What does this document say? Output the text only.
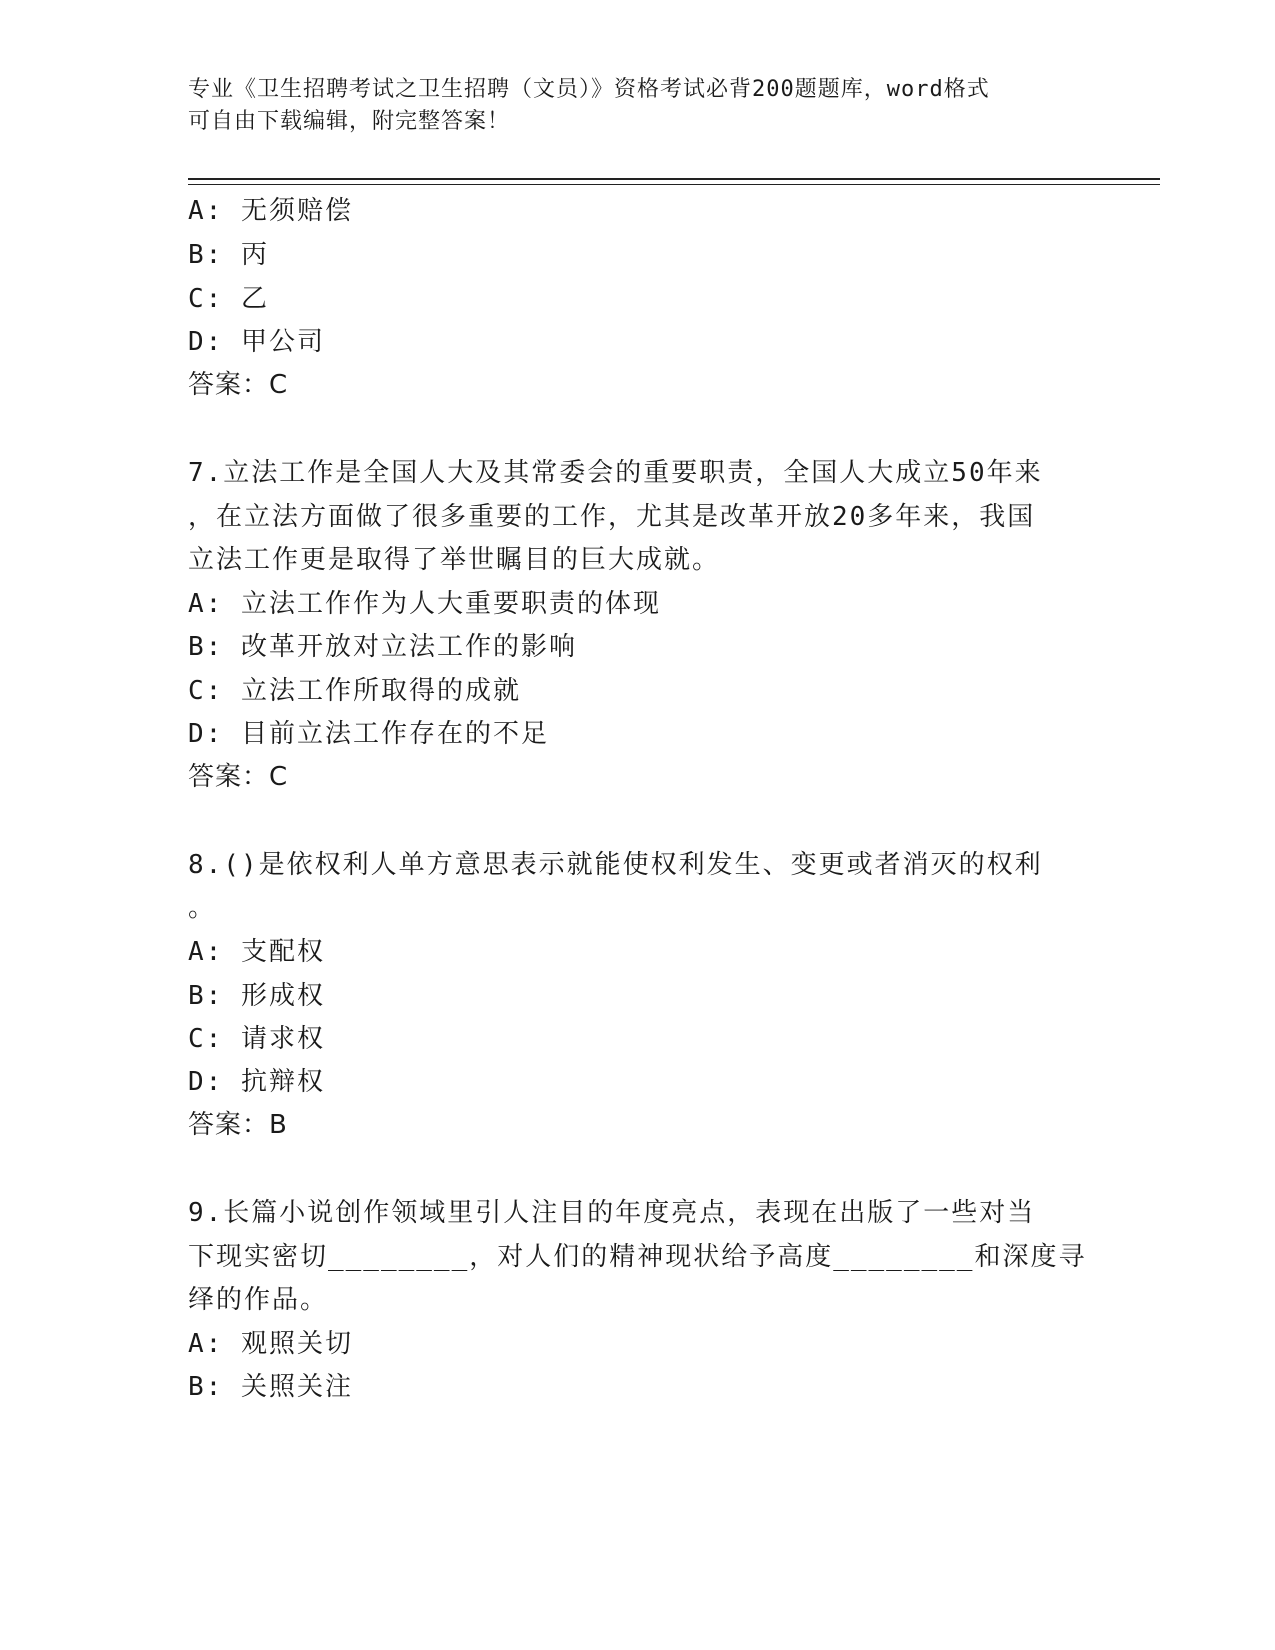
专业《卫生招聘考试之卫生招聘（文员）》资格考试必背200题题库，word格式
可自由下载编辑，附完整答案！
A: 无须赔偿
B: 丙
C: 乙
D: 甲公司
答案：C
7.立法工作是全国人大及其常委会的重要职责，全国人大成立50年来
，在立法方面做了很多重要的工作，尤其是改革开放20多年来，我国
立法工作更是取得了举世瞩目的巨大成就。
A: 立法工作作为人大重要职责的体现
B: 改革开放对立法工作的影响
C: 立法工作所取得的成就
D: 目前立法工作存在的不足
答案：C
8.()是依权利人单方意思表示就能使权利发生、变更或者消灭的权利
。
A: 支配权
B: 形成权
C: 请求权
D: 抗辩权
答案：B
9.长篇小说创作领域里引人注目的年度亮点，表现在出版了一些对当
下现实密切________，对人们的精神现状给予高度________和深度寻
绎的作品。
A: 观照关切
B: 关照关注
